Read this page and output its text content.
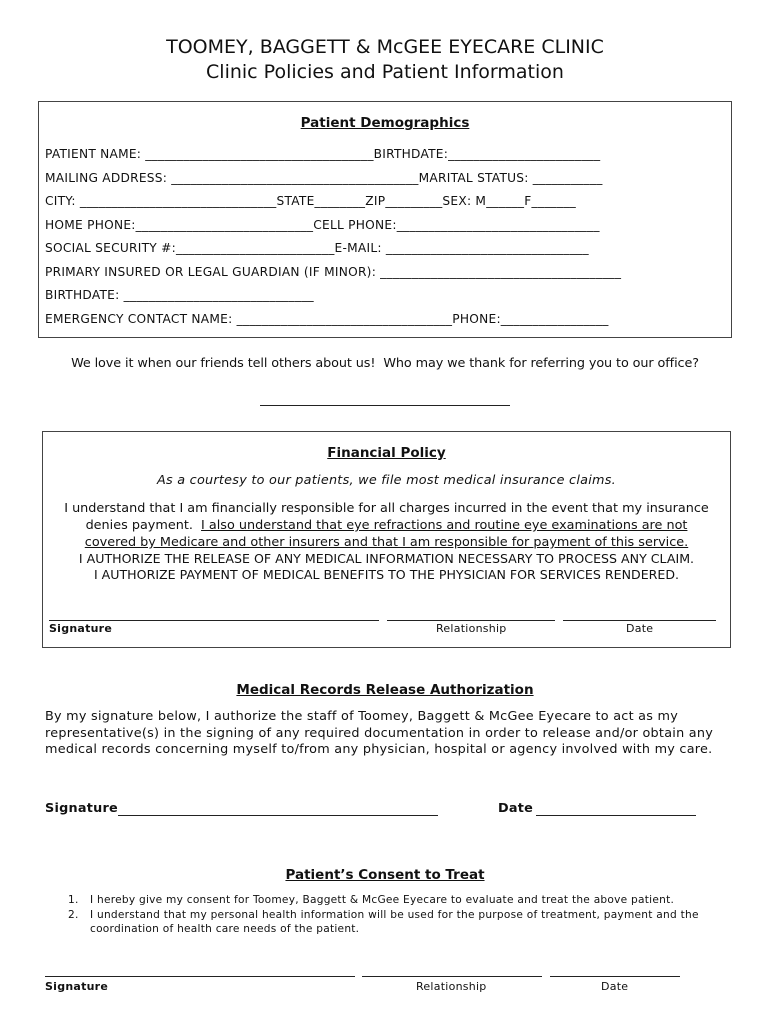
TOOMEY, BAGGETT & McGEE EYECARE CLINIC
Clinic Policies and Patient Information
Patient Demographics
PATIENT NAME: ____________________________________BIRTHDATE:________________________
MAILING ADDRESS: _______________________________________MARITAL STATUS: ___________
CITY: _______________________________STATE________ZIP_________SEX: M______F_______
HOME PHONE:____________________________CELL PHONE:________________________________
SOCIAL SECURITY #:_________________________E-MAIL: ________________________________
PRIMARY INSURED OR LEGAL GUARDIAN (IF MINOR): ______________________________________
BIRTHDATE: ______________________________
EMERGENCY CONTACT NAME: __________________________________PHONE:_________________
We love it when our friends tell others about us!  Who may we thank for referring you to our office?
Financial Policy
As a courtesy to our patients, we file most medical insurance claims.
I understand that I am financially responsible for all charges incurred in the event that my insurance
denies payment.  I also understand that eye refractions and routine eye examinations are not
covered by Medicare and other insurers and that I am responsible for payment of this service.
I AUTHORIZE THE RELEASE OF ANY MEDICAL INFORMATION NECESSARY TO PROCESS ANY CLAIM.
I AUTHORIZE PAYMENT OF MEDICAL BENEFITS TO THE PHYSICIAN FOR SERVICES RENDERED.
Signature	Relationship	Date
Medical Records Release Authorization
By my signature below, I authorize the staff of Toomey, Baggett & McGee Eyecare to act as my
representative(s) in the signing of any required documentation in order to release and/or obtain any
medical records concerning myself to/from any physician, hospital or agency involved with my care.
Signature	Date
Patient’s Consent to Treat
1. I hereby give my consent for Toomey, Baggett & McGee Eyecare to evaluate and treat the above patient.
2. I understand that my personal health information will be used for the purpose of treatment, payment and the
coordination of health care needs of the patient.
Signature	Relationship	Date
